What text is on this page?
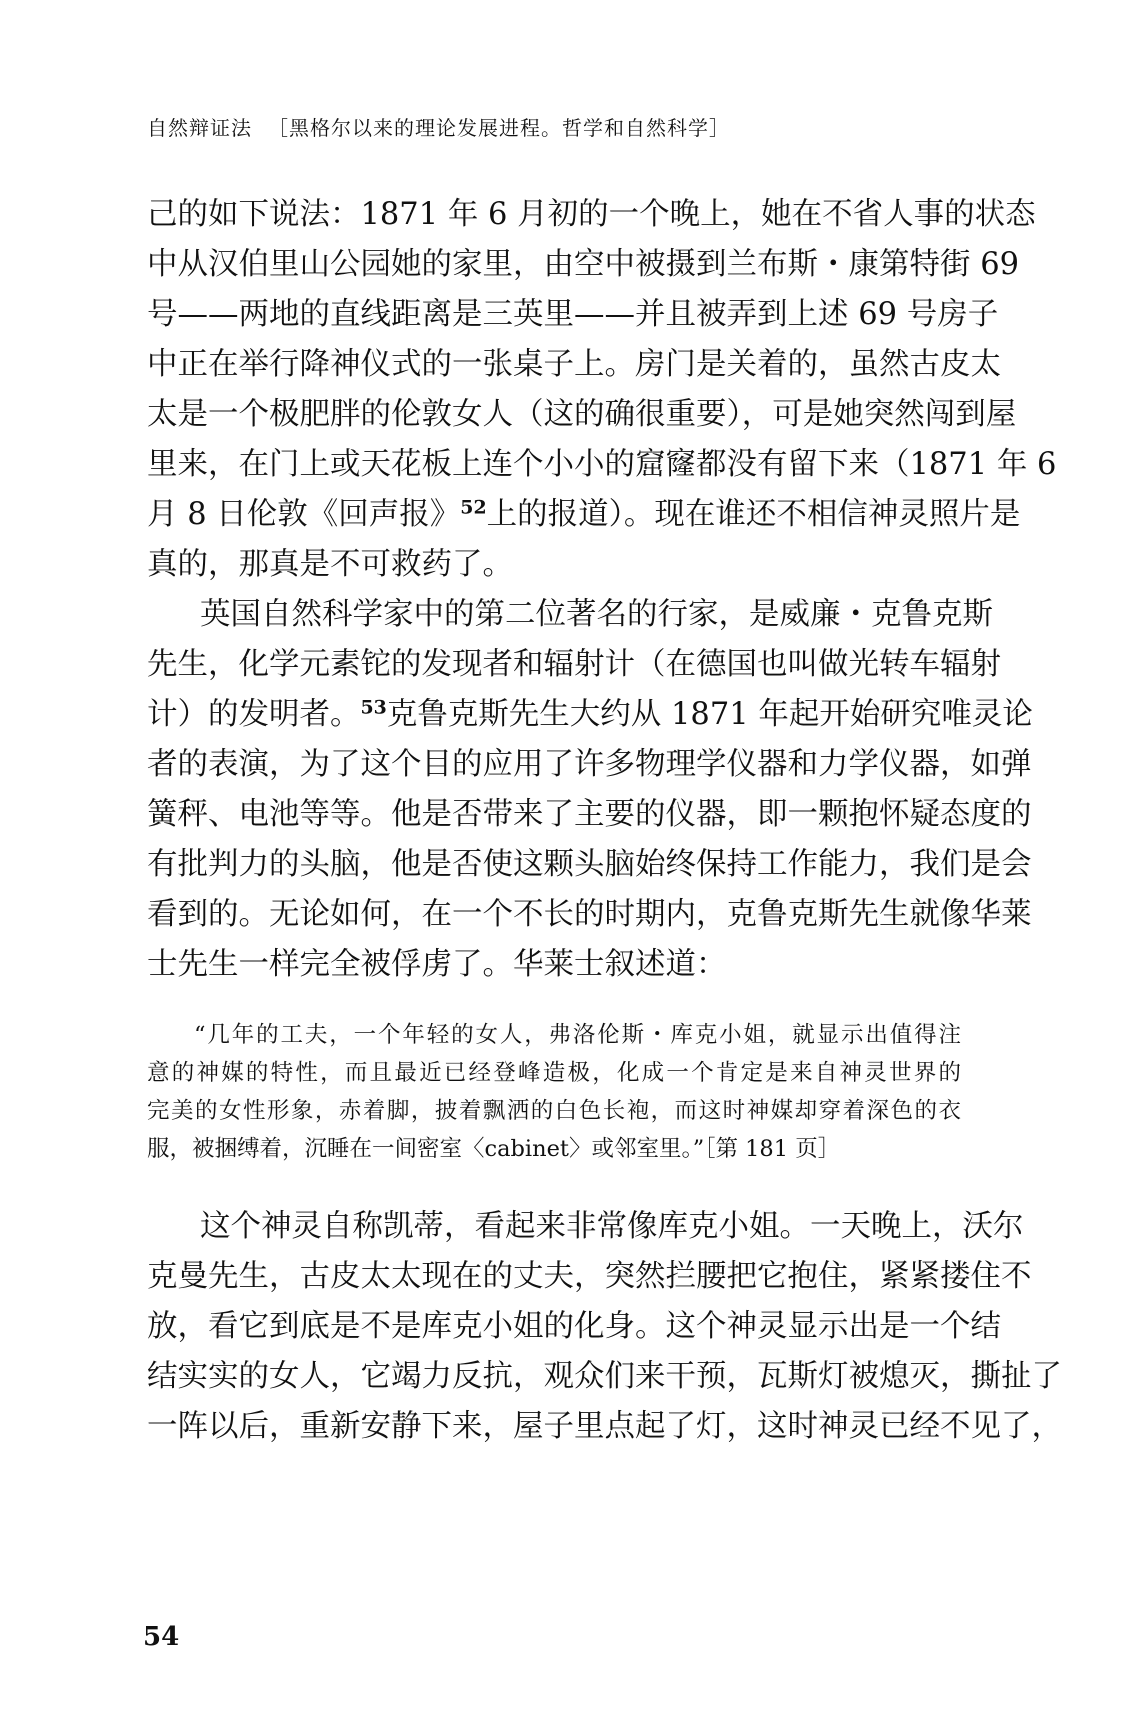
自然辩证法 ［黑格尔以来的理论发展进程。哲学和自然科学］
己的如下说法：1871 年 6 月初的一个晚上，她在不省人事的状态
中从汉伯里山公园她的家里，由空中被摄到兰布斯・康第特街 69
号——两地的直线距离是三英里——并且被弄到上述 69 号房子
中正在举行降神仪式的一张桌子上。房门是关着的，虽然古皮太
太是一个极肥胖的伦敦女人（这的确很重要），可是她突然闯到屋
里来，在门上或天花板上连个小小的窟窿都没有留下来（1871 年 6
月 8 日伦敦《回声报》$^{52}$上的报道）。现在谁还不相信神灵照片是
真的，那真是不可救药了。
英国自然科学家中的第二位著名的行家，是威廉・克鲁克斯
先生，化学元素铊的发现者和辐射计（在德国也叫做光转车辐射
计）的发明者。$^{53}$克鲁克斯先生大约从 1871 年起开始研究唯灵论
者的表演，为了这个目的应用了许多物理学仪器和力学仪器，如弹
簧秤、电池等等。他是否带来了主要的仪器，即一颗抱怀疑态度的
有批判力的头脑，他是否使这颗头脑始终保持工作能力，我们是会
看到的。无论如何，在一个不长的时期内，克鲁克斯先生就像华莱
士先生一样完全被俘虏了。华莱士叙述道：
“几年的工夫，一个年轻的女人，弗洛伦斯・库克小姐，就显示出值得注
意的神媒的特性，而且最近已经登峰造极，化成一个肯定是来自神灵世界的
完美的女性形象，赤着脚，披着飘洒的白色长袍，而这时神媒却穿着深色的衣
服，被捆缚着，沉睡在一间密室〈cabinet〉或邻室里。”［第 181 页］
这个神灵自称凯蒂，看起来非常像库克小姐。一天晚上，沃尔
克曼先生，古皮太太现在的丈夫，突然拦腰把它抱住，紧紧搂住不
放，看它到底是不是库克小姐的化身。这个神灵显示出是一个结
结实实的女人，它竭力反抗，观众们来干预，瓦斯灯被熄灭，撕扯了
一阵以后，重新安静下来，屋子里点起了灯，这时神灵已经不见了，
54
